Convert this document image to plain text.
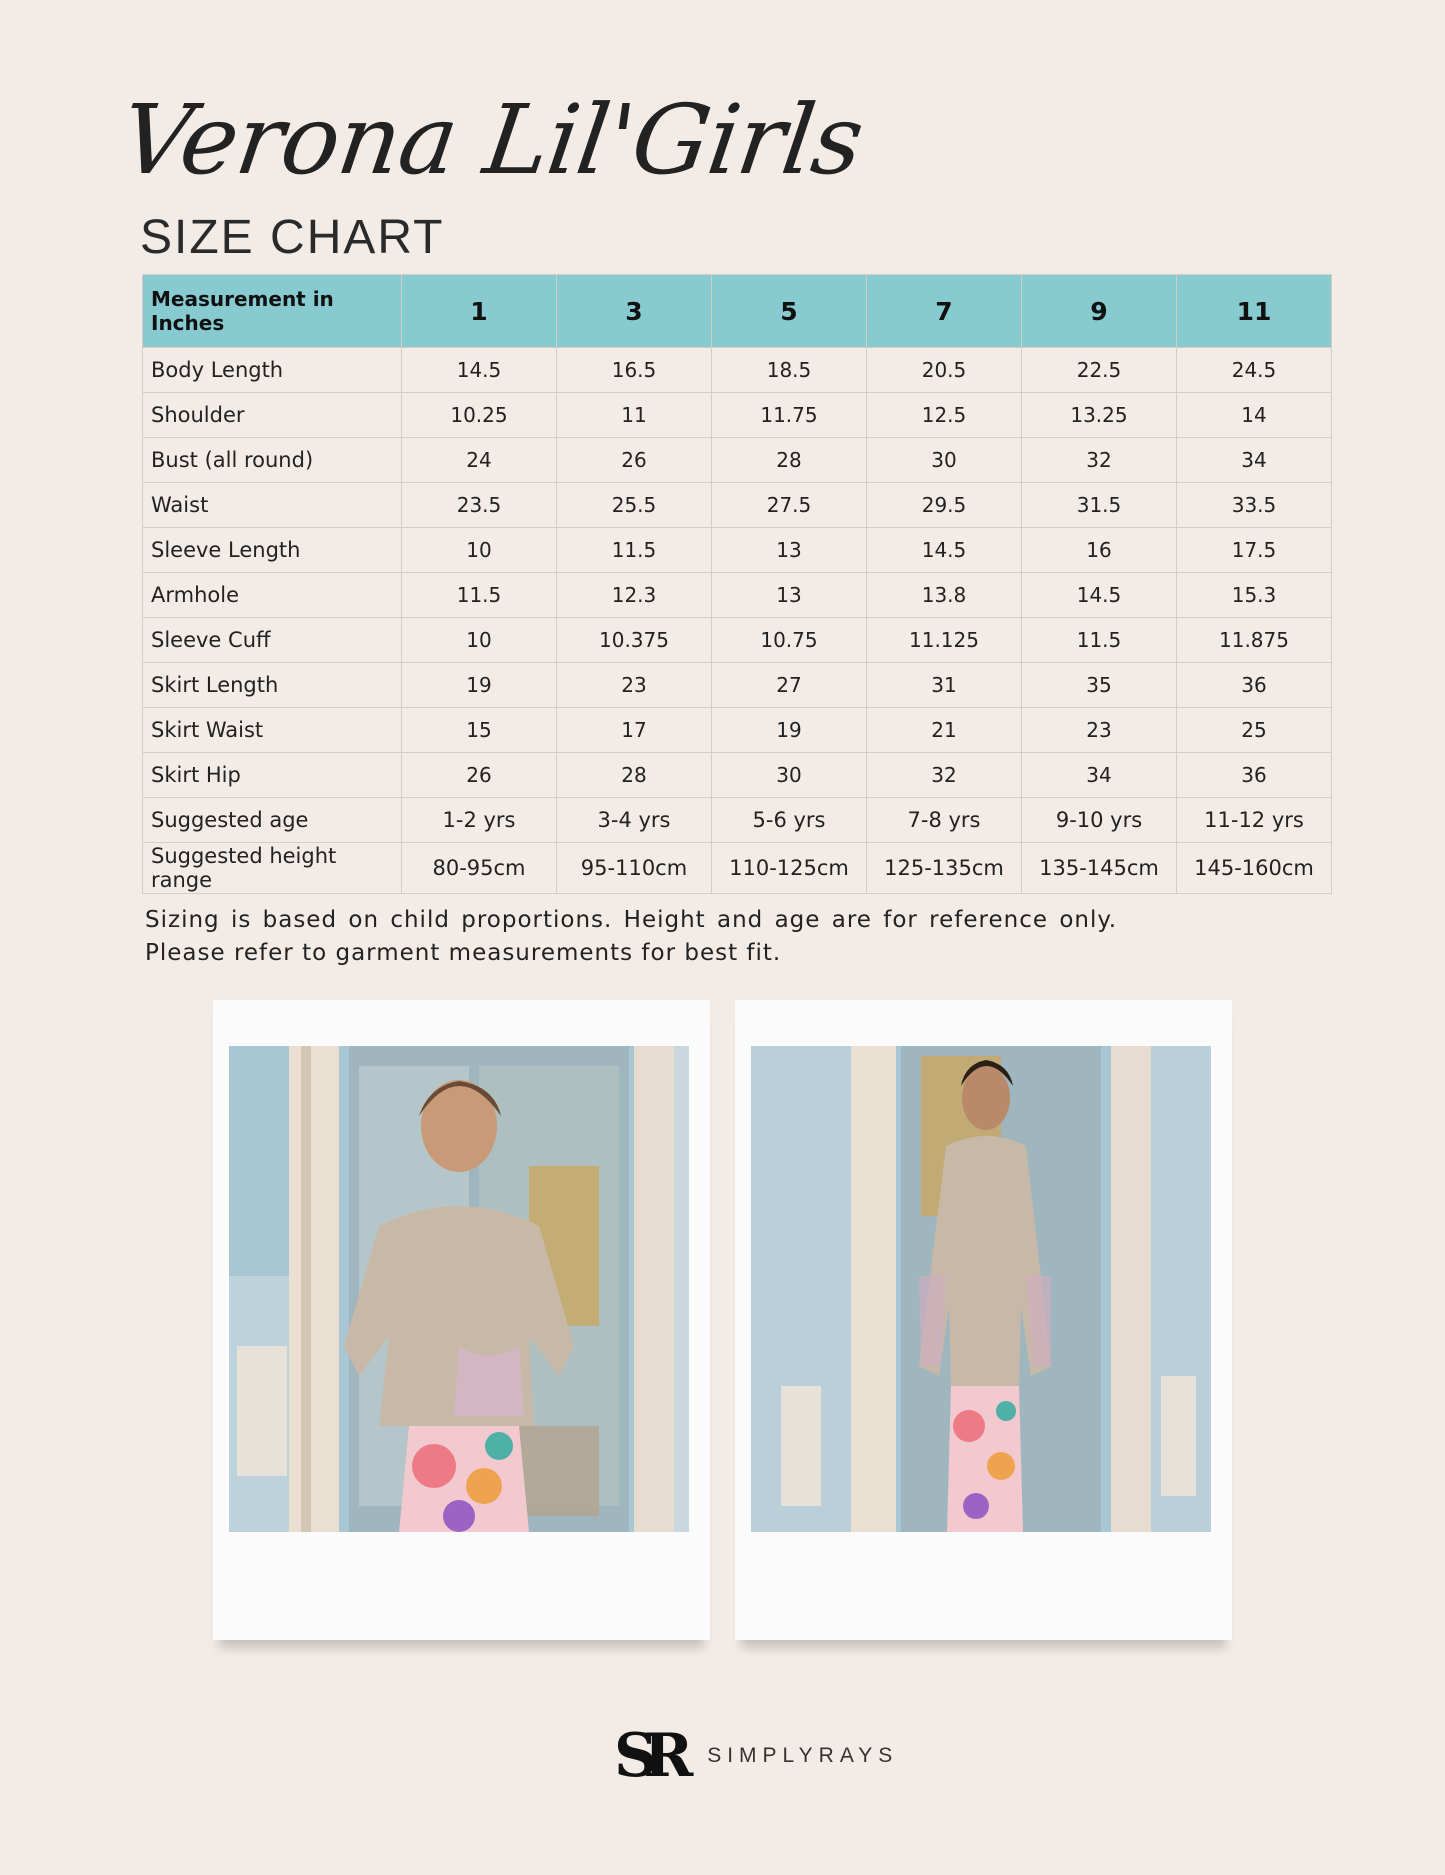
Verona Lil'Girls
SIZE CHART
Measurement in Inches	1	3	5	7	9	11
Body Length	14.5	16.5	18.5	20.5	22.5	24.5
Shoulder	10.25	11	11.75	12.5	13.25	14
Bust (all round)	24	26	28	30	32	34
Waist	23.5	25.5	27.5	29.5	31.5	33.5
Sleeve Length	10	11.5	13	14.5	16	17.5
Armhole	11.5	12.3	13	13.8	14.5	15.3
Sleeve Cuff	10	10.375	10.75	11.125	11.5	11.875
Skirt Length	19	23	27	31	35	36
Skirt Waist	15	17	19	21	23	25
Skirt Hip	26	28	30	32	34	36
Suggested age	1-2 yrs	3-4 yrs	5-6 yrs	7-8 yrs	9-10 yrs	11-12 yrs
Suggested height range	80-95cm	95-110cm	110-125cm	125-135cm	135-145cm	145-160cm
Sizing is based on child proportions. Height and age are for reference only. Please refer to garment measurements for best fit.
SR SIMPLYRAYS
